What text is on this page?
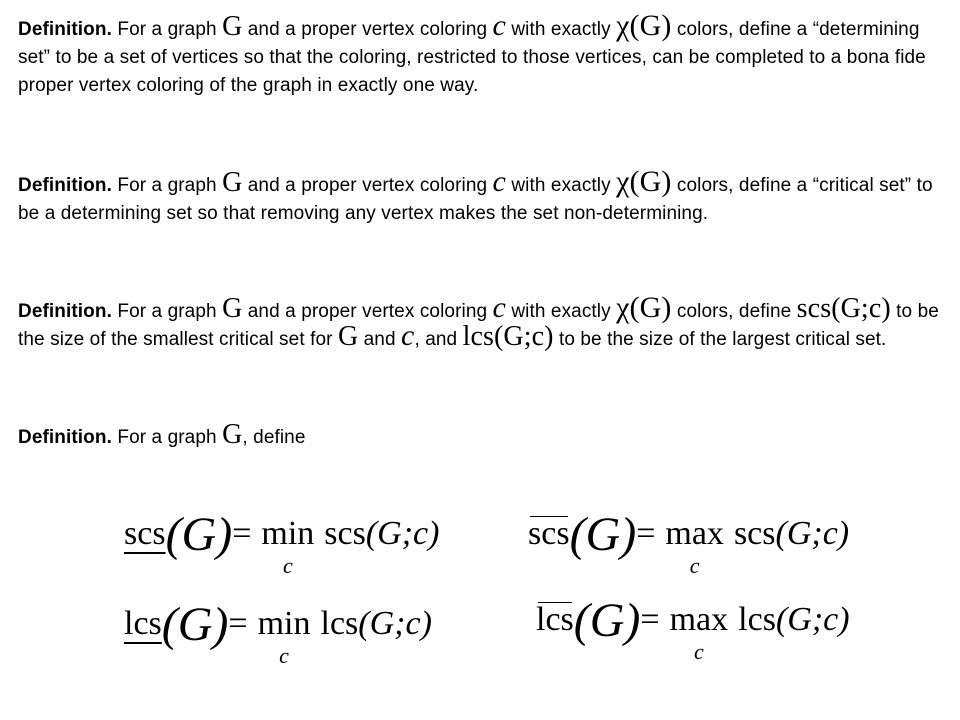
Definition. For a graph G and a proper vertex coloring c with exactly χ(G) colors, define a “determining set” to be a set of vertices so that the coloring, restricted to those vertices, can be completed to a bona fide proper vertex coloring of the graph in exactly one way.

Definition. For a graph G and a proper vertex coloring c with exactly χ(G) colors, define a “critical set” to be a determining set so that removing any vertex makes the set non-determining.

Definition. For a graph G and a proper vertex coloring c with exactly χ(G) colors, define scs(G;c) to be the size of the smallest critical set for G and c, and lcs(G;c) to be the size of the largest critical set.

Definition. For a graph G, define

scs(G)= min
c
scs(G;c)	scs(G)= max
c
scs(G;c)
lcs(G)= min
c
lcs(G;c)	lcs(G)= max
c
lcs(G;c)
